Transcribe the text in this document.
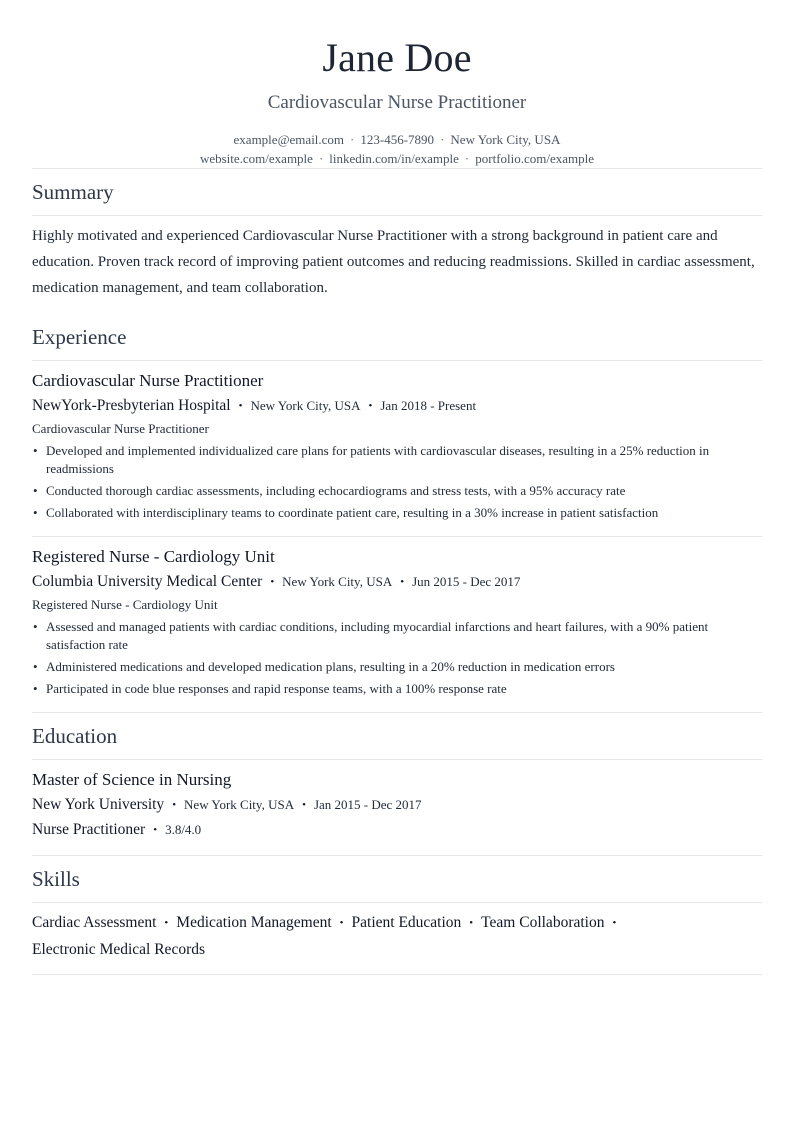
Jane Doe
Cardiovascular Nurse Practitioner
example@email.com · 123-456-7890 · New York City, USA
website.com/example · linkedin.com/in/example · portfolio.com/example
Summary
Highly motivated and experienced Cardiovascular Nurse Practitioner with a strong background in patient care and education. Proven track record of improving patient outcomes and reducing readmissions. Skilled in cardiac assessment, medication management, and team collaboration.
Experience
Cardiovascular Nurse Practitioner
NewYork-Presbyterian Hospital • New York City, USA • Jan 2018 - Present
Cardiovascular Nurse Practitioner
• Developed and implemented individualized care plans for patients with cardiovascular diseases, resulting in a 25% reduction in readmissions
• Conducted thorough cardiac assessments, including echocardiograms and stress tests, with a 95% accuracy rate
• Collaborated with interdisciplinary teams to coordinate patient care, resulting in a 30% increase in patient satisfaction
Registered Nurse - Cardiology Unit
Columbia University Medical Center • New York City, USA • Jun 2015 - Dec 2017
Registered Nurse - Cardiology Unit
• Assessed and managed patients with cardiac conditions, including myocardial infarctions and heart failures, with a 90% patient satisfaction rate
• Administered medications and developed medication plans, resulting in a 20% reduction in medication errors
• Participated in code blue responses and rapid response teams, with a 100% response rate
Education
Master of Science in Nursing
New York University • New York City, USA • Jan 2015 - Dec 2017
Nurse Practitioner • 3.8/4.0
Skills
Cardiac Assessment • Medication Management • Patient Education • Team Collaboration •
Electronic Medical Records
